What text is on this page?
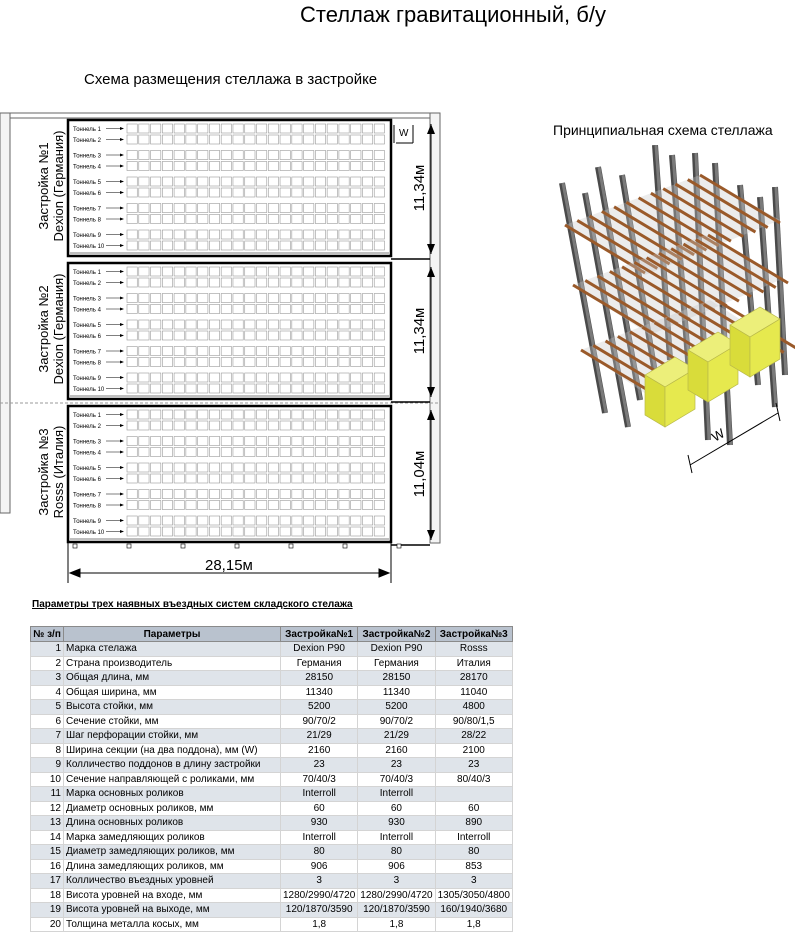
Стеллаж гравитационный, б/у
Схема размещения стеллажа в застройке
Принципиальная схема стеллажа
Тоннель 1
Тоннель 2
Тоннель 3
Тоннель 4
Тоннель 5
Тоннель 6
Тоннель 7
Тоннель 8
Тоннель 9
Тоннель 10
Застройка №1 Dexion (Германия)	11,34м
Тоннель 1
Тоннель 2
Тоннель 3
Тоннель 4
Тоннель 5
Тоннель 6
Тоннель 7
Тоннель 8
Тоннель 9
Тоннель 10
Застройка №2 Dexion (Германия)	11,34м
Тоннель 1
Тоннель 2
Тоннель 3
Тоннель 4
Тоннель 5
Тоннель 6
Тоннель 7
Тоннель 8
Тоннель 9
Тоннель 10
Застройка №3 Rosss (Италия)	11,04м
W
28,15м
W
Параметры трех наявных въездных систем складского стелажа
№ з/п	Параметры	Застройка№1	Застройка№2	Застройка№3
1	Марка стелажа	Dexion P90	Dexion P90	Rosss
2	Страна производитель	Германия	Германия	Италия
3	Общая длина, мм	28150	28150	28170
4	Общая ширина, мм	11340	11340	11040
5	Высота стойки, мм	5200	5200	4800
6	Сечение стойки, мм	90/70/2	90/70/2	90/80/1,5
7	Шаг перфорации стойки, мм	21/29	21/29	28/22
8	Ширина секции (на два поддона), мм (W)	2160	2160	2100
9	Колличество поддонов в длину застройки	23	23	23
10	Сечение направляющей с роликами, мм	70/40/3	70/40/3	80/40/3
11	Марка основных роликов	Interroll	Interroll	
12	Диаметр основных роликов, мм	60	60	60
13	Длина основных роликов	930	930	890
14	Марка замедляющих роликов	Interroll	Interroll	Interroll
15	Диаметр замедляющих роликов, мм	80	80	80
16	Длина замедляющих роликов, мм	906	906	853
17	Колличество въездных уровней	3	3	3
18	Висота уровней на входе, мм	1280/2990/4720	1280/2990/4720	1305/3050/4800
19	Висота уровней на выходе, мм	120/1870/3590	120/1870/3590	160/1940/3680
20	Толщина металла косых, мм	1,8	1,8	1,8
